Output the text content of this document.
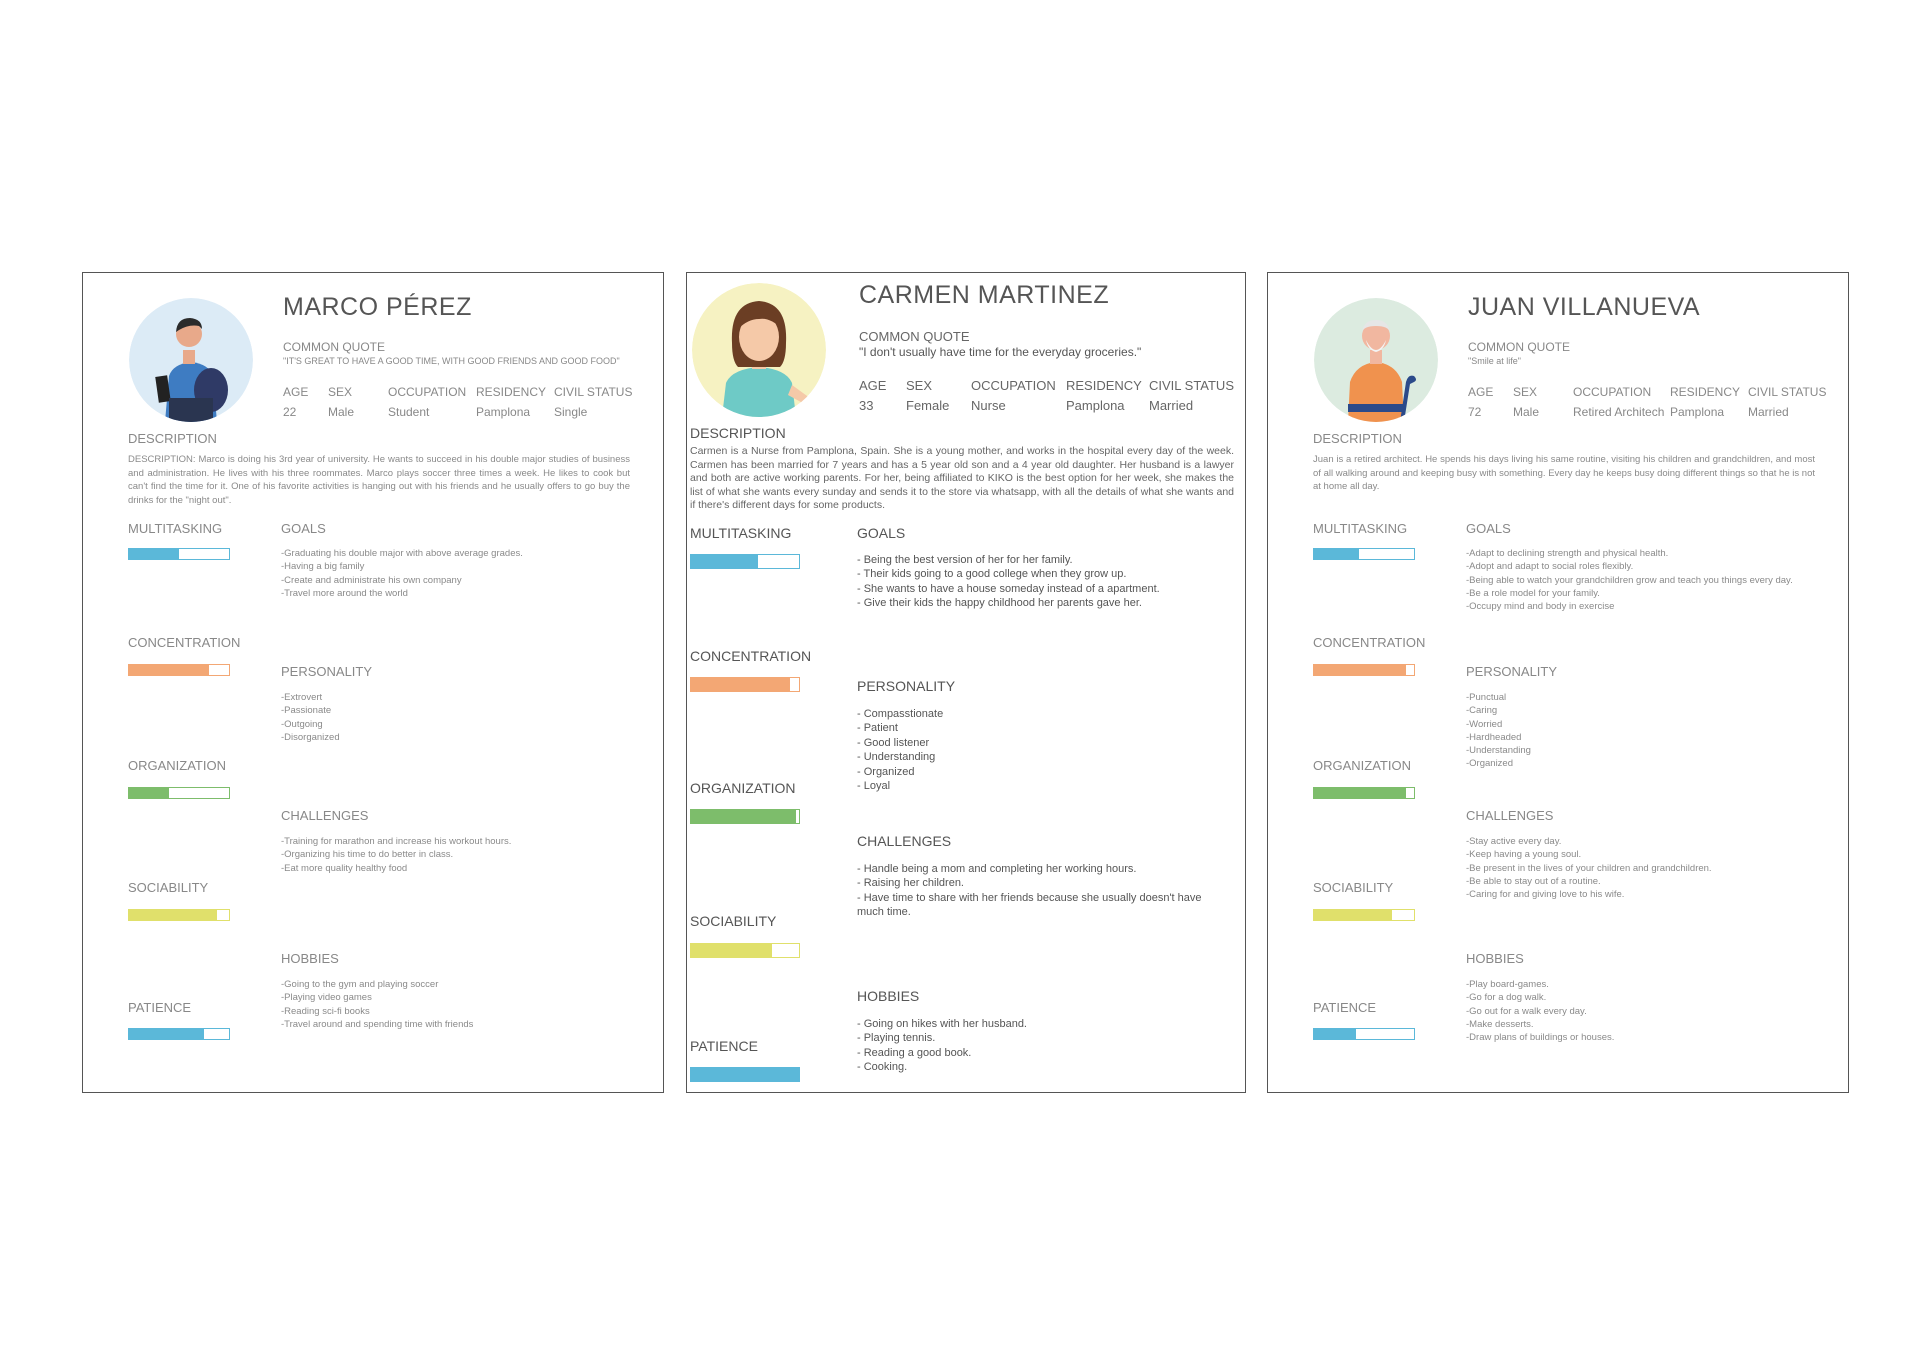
MARCO PÉREZ
COMMON QUOTE
"IT'S GREAT TO HAVE A GOOD TIME, WITH GOOD FRIENDS AND GOOD FOOD"
AGE
22
SEX
Male
OCCUPATION
Student
RESIDENCY
Pamplona
CIVIL STATUS
Single
DESCRIPTION

DESCRIPTION: Marco is doing his 3rd year of university. He wants to succeed in his double major studies of business and administration. He lives with his three roommates. Marco plays soccer three times a week. He likes to cook but can't find the time for it. One of his favorite activities is hanging out with his friends and he usually offers to go buy the drinks for the "night out".

MULTITASKING
CONCENTRATION
ORGANIZATION
SOCIABILITY
PATIENCE
GOALS
-Graduating his double major with above average grades.
-Having a big family
-Create and administrate his own company
-Travel more around the world
PERSONALITY
-Extrovert
-Passionate
-Outgoing
-Disorganized
CHALLENGES
-Training for marathon and increase his workout hours.
-Organizing his time to do better in class.
-Eat more quality healthy food
HOBBIES
-Going to the gym and playing soccer
-Playing video games
-Reading sci-fi books
-Travel around and spending time with friends
CARMEN MARTINEZ
COMMON QUOTE
"I don't usually have time for the everyday groceries."
AGE
33
SEX
Female
OCCUPATION
Nurse
RESIDENCY
Pamplona
CIVIL STATUS
Married
DESCRIPTION

Carmen is a Nurse from Pamplona, Spain. She is a young mother, and works in the hospital every day of the week. Carmen has been married for 7 years and has a 5 year old son and a 4 year old daughter. Her husband is a lawyer and both are active working parents. For her, being affiliated to KIKO is the best option for her week, she makes the list of what she wants every sunday and sends it to the store via whatsapp, with all the details of what she wants and if there's different days for some products.

MULTITASKING
CONCENTRATION
ORGANIZATION
SOCIABILITY
PATIENCE
GOALS
- Being the best version of her for her family.
- Their kids going to a good college when they grow up.
- She wants to have a house someday instead of a apartment.
- Give their kids the happy childhood her parents gave her.
PERSONALITY
- Compasstionate
- Patient
- Good listener
- Understanding
- Organized
- Loyal
CHALLENGES
- Handle being a mom and completing her working hours.
- Raising her children.
- Have time to share with her friends because she usually doesn't have much time.
HOBBIES
- Going on hikes with her husband.
- Playing tennis.
- Reading a good book.
- Cooking.
JUAN VILLANUEVA
COMMON QUOTE
"Smile at life"
AGE
72
SEX
Male
OCCUPATION
Retired Architech
RESIDENCY
Pamplona
CIVIL STATUS
Married
DESCRIPTION

Juan is a retired architect. He spends his days living his same routine, visiting his children and grandchildren, and most of all walking around and keeping busy with something. Every day he keeps busy doing different things so that he is not at home all day.

MULTITASKING
CONCENTRATION
ORGANIZATION
SOCIABILITY
PATIENCE
GOALS
-Adapt to declining strength and physical health.
-Adopt and adapt to social roles flexibly.
-Being able to watch your grandchildren grow and teach you things every day.
-Be a role model for your family.
-Occupy mind and body in exercise
PERSONALITY
-Punctual
-Caring
-Worried
-Hardheaded
-Understanding
-Organized
CHALLENGES
-Stay active every day.
-Keep having a young soul.
-Be present in the lives of your children and grandchildren.
-Be able to stay out of a routine.
-Caring for and giving love to his wife.
HOBBIES
-Play board-games.
-Go for a dog walk.
-Go out for a walk every day.
-Make desserts.
-Draw plans of buildings or houses.
